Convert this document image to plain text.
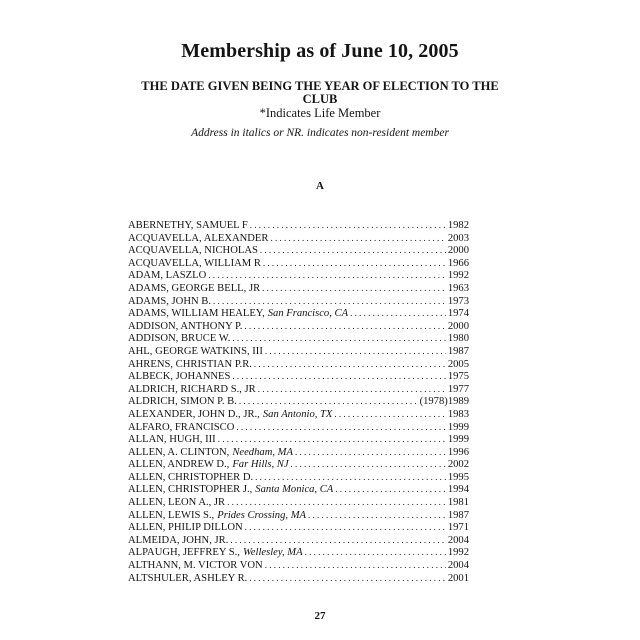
Membership as of June 10, 2005
THE DATE GIVEN BEING THE YEAR OF ELECTION TO THE CLUB
*Indicates Life Member
Address in italics or NR. indicates non-resident member
A
ABERNETHY, SAMUEL F . . .	1982
ACQUAVELLA, ALEXANDER . . .	2003
ACQUAVELLA, NICHOLAS . . .	2000
ACQUAVELLA, WILLIAM R . . .	1966
ADAM, LASZLO . . .	1992
ADAMS, GEORGE BELL, JR . . .	1963
ADAMS, JOHN B. . . .	1973
ADAMS, WILLIAM HEALEY, San Francisco, CA . . .	1974
ADDISON, ANTHONY P. . . .	2000
ADDISON, BRUCE W. . . .	1980
AHL, GEORGE WATKINS, III . . .	1987
AHRENS, CHRISTIAN P.R. . . .	2005
ALBECK, JOHANNES . . .	1975
ALDRICH, RICHARD S., JR . . .	1977
ALDRICH, SIMON P. B. . . .	(1978) 1989
ALEXANDER, JOHN D., JR., San Antonio, TX . . .	1983
ALFARO, FRANCISCO . . .	1999
ALLAN, HUGH, III . . .	1999
ALLEN, A. CLINTON, Needham, MA . . .	1996
ALLEN, ANDREW D., Far Hills, NJ . . .	2002
ALLEN, CHRISTOPHER D. . . .	1995
ALLEN, CHRISTOPHER J., Santa Monica, CA . . .	1994
ALLEN, LEON A., JR . . .	1981
ALLEN, LEWIS S., Prides Crossing, MA . . .	1987
ALLEN, PHILIP DILLON . . .	1971
ALMEIDA, JOHN, JR. . . .	2004
ALPAUGH, JEFFREY S., Wellesley, MA . . .	1992
ALTHANN, M. VICTOR VON . . .	2004
ALTSHULER, ASHLEY R. . . .	2001
27
